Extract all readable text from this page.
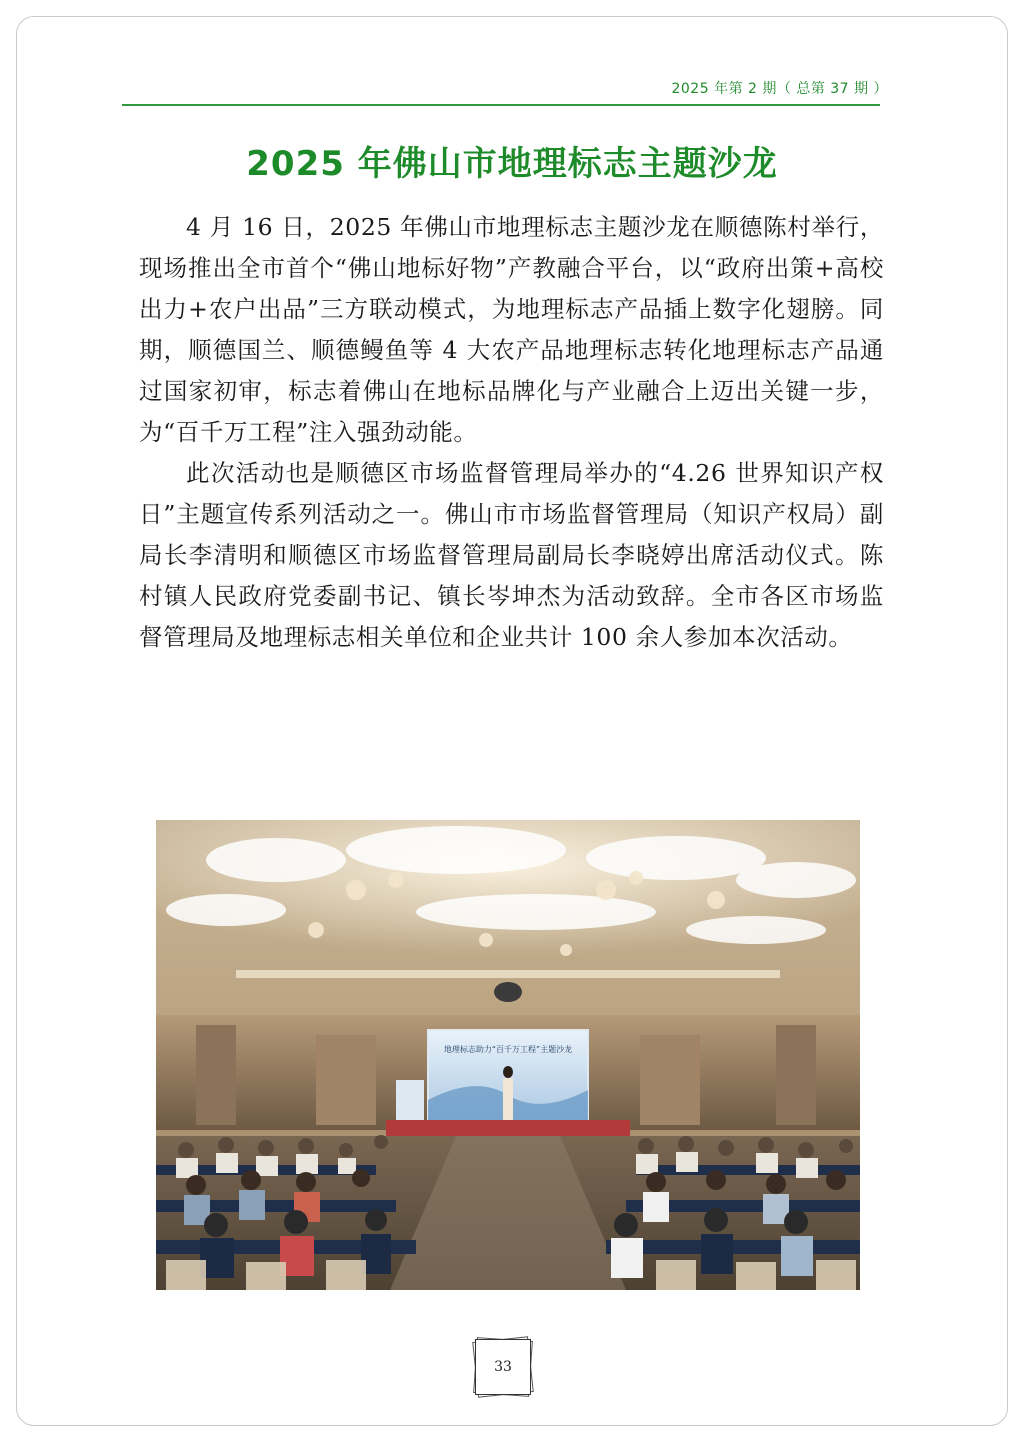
2025 年第 2 期（ 总第 37 期 ）
2025 年佛山市地理标志主题沙龙

4 月 16 日，2025 年佛山市地理标志主题沙龙在顺德陈村举行，现场推出全市首个“佛山地标好物”产教融合平台，以“政府出策+高校出力+农户出品”三方联动模式，为地理标志产品插上数字化翅膀。同期，顺德国兰、顺德鳗鱼等 4 大农产品地理标志转化地理标志产品通过国家初审，标志着佛山在地标品牌化与产业融合上迈出关键一步，为“百千万工程”注入强劲动能。

此次活动也是顺德区市场监督管理局举办的“4.26 世界知识产权日”主题宣传系列活动之一。佛山市市场监督管理局（知识产权局）副局长李清明和顺德区市场监督管理局副局长李晓婷出席活动仪式。陈村镇人民政府党委副书记、镇长岑坤杰为活动致辞。全市各区市场监督管理局及地理标志相关单位和企业共计 100 余人参加本次活动。

地理标志助力“百千万工程”主题沙龙
33
